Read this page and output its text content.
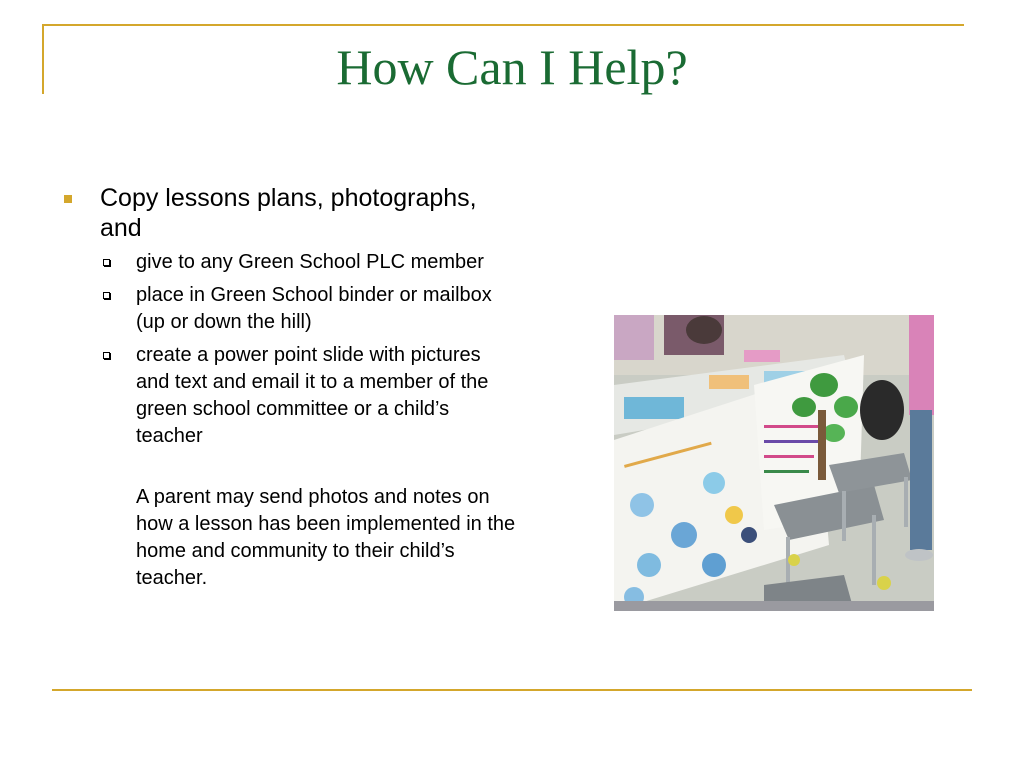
How Can I Help?
Copy lessons plans, photographs, and
give to any Green School PLC member
place in Green School binder or mailbox (up or down the hill)
create a power point slide with pictures and text and email it to a member of the green school committee or a child’s teacher
A parent may send photos and notes on how a lesson has been implemented in the home and community to their child’s teacher.
